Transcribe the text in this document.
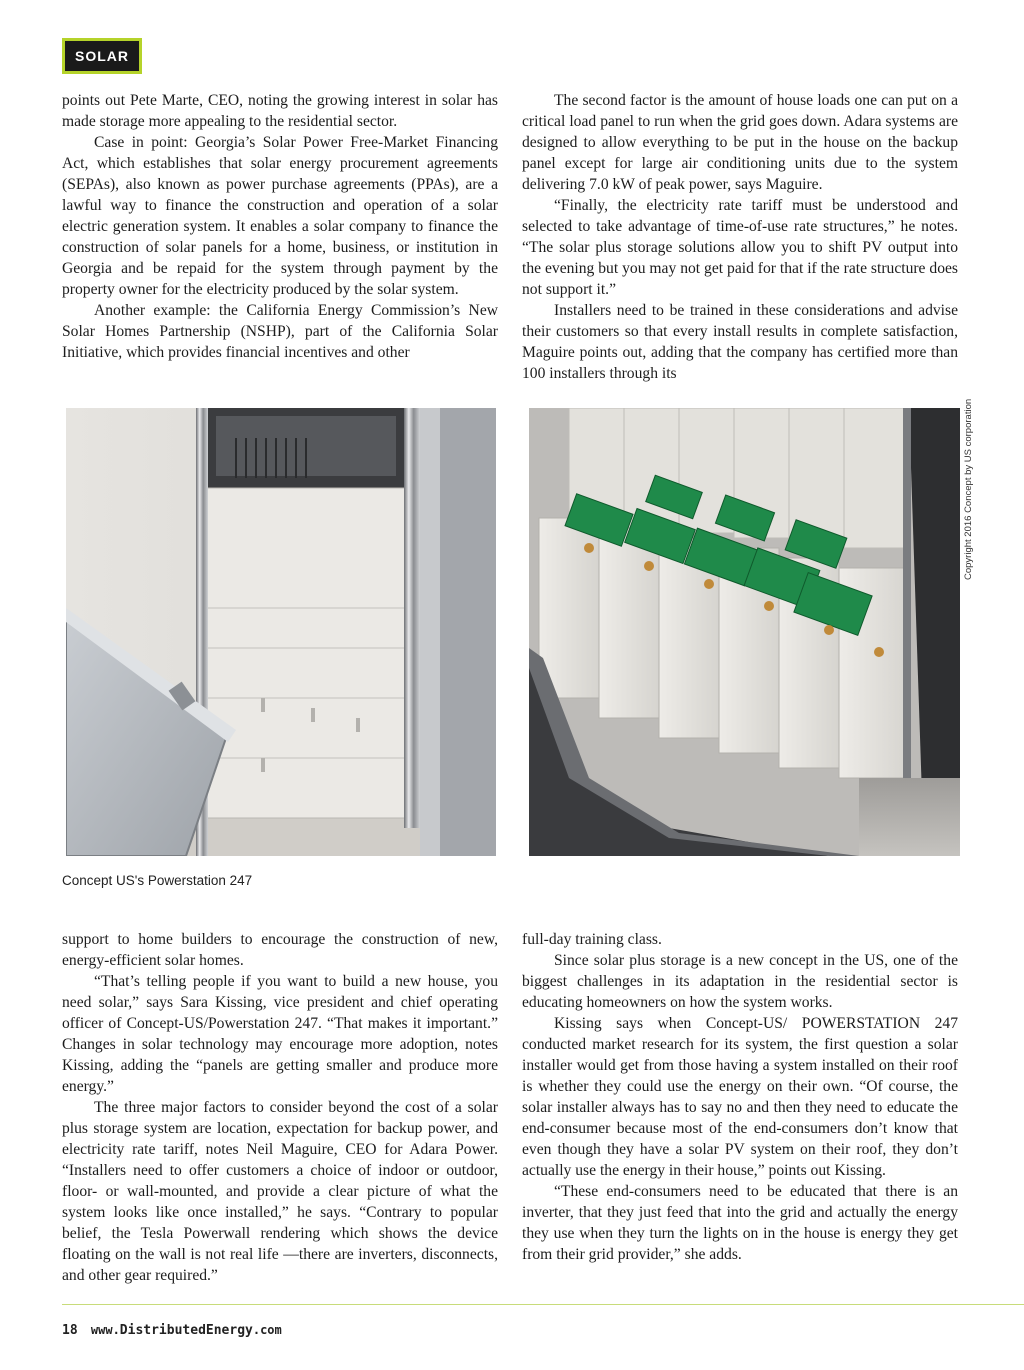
SOLAR

points out Pete Marte, CEO, noting the growing interest in solar has made storage more appealing to the residential sector.

Case in point: Georgia’s Solar Power Free-Market Financing Act, which establishes that solar energy procurement agreements (SEPAs), also known as power purchase agreements (PPAs), are a lawful way to finance the construction and operation of a solar electric generation system. It enables a solar company to finance the construction of solar panels for a home, business, or institution in Georgia and be repaid for the system through payment by the property owner for the electricity produced by the solar system.

Another example: the California Energy Commission’s New Solar Homes Partnership (NSHP), part of the California Solar Initiative, which provides financial incentives and other

The second factor is the amount of house loads one can put on a critical load panel to run when the grid goes down. Adara systems are designed to allow everything to be put in the house on the backup panel except for large air conditioning units due to the system delivering 7.0 kW of peak power, says Maguire.

“Finally, the electricity rate tariff must be understood and selected to take advantage of time-of-use rate structures,” he notes. “The solar plus storage solutions allow you to shift PV output into the evening but you may not get paid for that if the rate structure does not support it.”

Installers need to be trained in these considerations and advise their customers so that every install results in complete satisfaction, Maguire points out, adding that the company has certified more than 100 installers through its

Copyright 2016 Concept by US corporation
Concept US's Powerstation 247

support to home builders to encourage the construction of new, energy-efficient solar homes.

“That’s telling people if you want to build a new house, you need solar,” says Sara Kissing, vice president and chief operating officer of Concept-US/Powerstation 247. “That makes it important.” Changes in solar technology may encourage more adoption, notes Kissing, adding the “panels are getting smaller and produce more energy.”

The three major factors to consider beyond the cost of a solar plus storage system are location, expectation for backup power, and electricity rate tariff, notes Neil Maguire, CEO for Adara Power. “Installers need to offer customers a choice of indoor or outdoor, floor- or wall-mounted, and provide a clear picture of what the system looks like once installed,” he says. “Contrary to popular belief, the Tesla Powerwall rendering which shows the device floating on the wall is not real life —there are inverters, disconnects, and other gear required.”

full-day training class.

Since solar plus storage is a new concept in the US, one of the biggest challenges in its adaptation in the residential sector is educating homeowners on how the system works.

Kissing says when Concept-US/ POWERSTATION 247 conducted market research for its system, the first question a solar installer would get from those having a system installed on their roof is whether they could use the energy on their own. “Of course, the solar installer always has to say no and then they need to educate the end-consumer because most of the end-consumers don’t know that even though they have a solar PV system on their roof, they don’t actually use the energy in their house,” points out Kissing.

“These end-consumers need to be educated that there is an inverter, that they just feed that into the grid and actually the energy they use when they turn the lights on in the house is energy they get from their grid provider,” she adds.

18 www.DistributedEnergy.com
